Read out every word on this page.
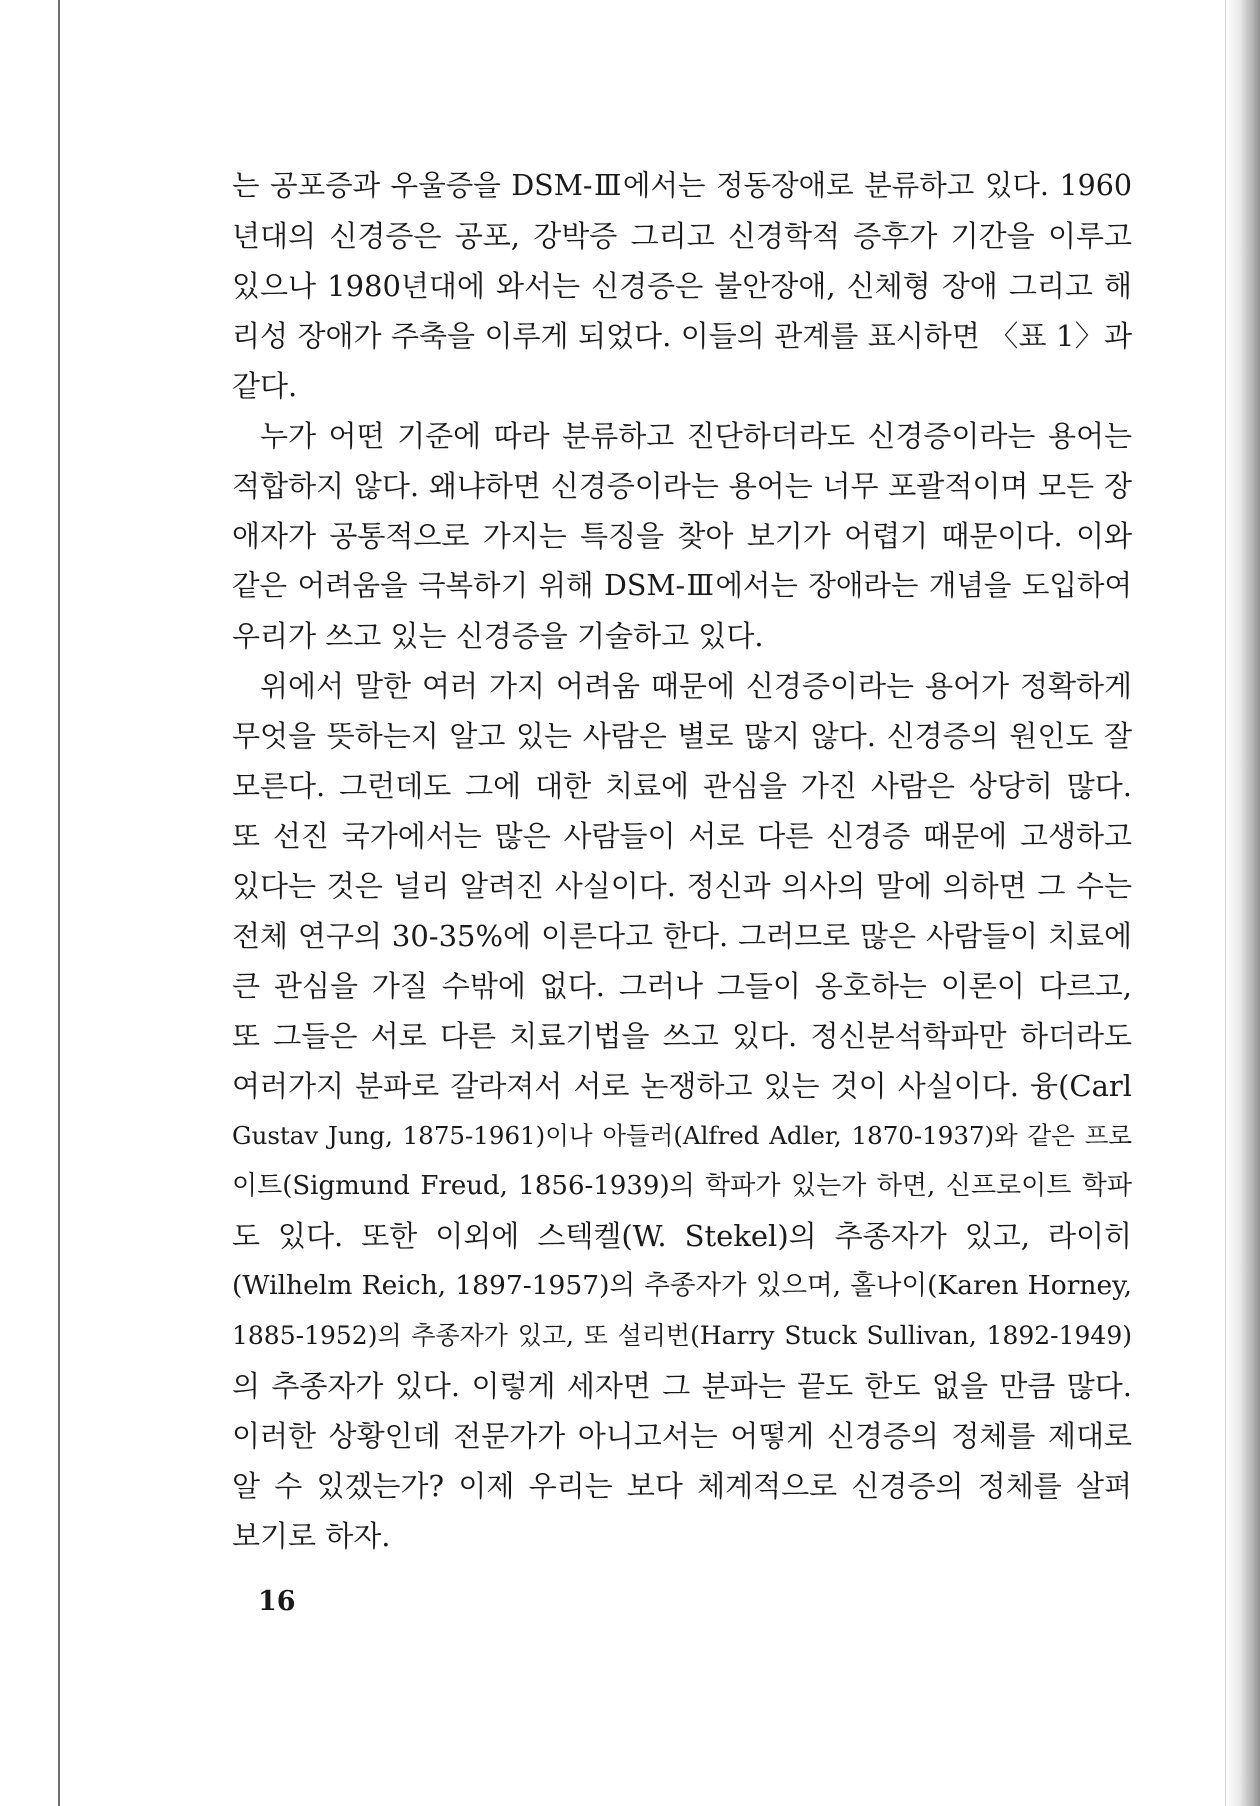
는 공포증과 우울증을 DSM-Ⅲ에서는 정동장애로 분류하고 있다. 1960
년대의 신경증은 공포, 강박증 그리고 신경학적 증후가 기간을 이루고
있으나 1980년대에 와서는 신경증은 불안장애, 신체형 장애 그리고 해
리성 장애가 주축을 이루게 되었다. 이들의 관계를 표시하면 〈표 1〉과
같다.
누가 어떤 기준에 따라 분류하고 진단하더라도 신경증이라는 용어는
적합하지 않다. 왜냐하면 신경증이라는 용어는 너무 포괄적이며 모든 장
애자가 공통적으로 가지는 특징을 찾아 보기가 어렵기 때문이다. 이와
같은 어려움을 극복하기 위해 DSM-Ⅲ에서는 장애라는 개념을 도입하여
우리가 쓰고 있는 신경증을 기술하고 있다.
위에서 말한 여러 가지 어려움 때문에 신경증이라는 용어가 정확하게
무엇을 뜻하는지 알고 있는 사람은 별로 많지 않다. 신경증의 원인도 잘
모른다. 그런데도 그에 대한 치료에 관심을 가진 사람은 상당히 많다.
또 선진 국가에서는 많은 사람들이 서로 다른 신경증 때문에 고생하고
있다는 것은 널리 알려진 사실이다. 정신과 의사의 말에 의하면 그 수는
전체 연구의 30-35%에 이른다고 한다. 그러므로 많은 사람들이 치료에
큰 관심을 가질 수밖에 없다. 그러나 그들이 옹호하는 이론이 다르고,
또 그들은 서로 다른 치료기법을 쓰고 있다. 정신분석학파만 하더라도
여러가지 분파로 갈라져서 서로 논쟁하고 있는 것이 사실이다. 융(Carl
Gustav Jung, 1875-1961)이나 아들러(Alfred Adler, 1870-1937)와 같은 프로
이트(Sigmund Freud, 1856-1939)의 학파가 있는가 하면, 신프로이트 학파
도 있다. 또한 이외에 스텍켈(W. Stekel)의 추종자가 있고, 라이히
(Wilhelm Reich, 1897-1957)의 추종자가 있으며, 홀나이(Karen Horney,
1885-1952)의 추종자가 있고, 또 설리번(Harry Stuck Sullivan, 1892-1949)
의 추종자가 있다. 이렇게 세자면 그 분파는 끝도 한도 없을 만큼 많다.
이러한 상황인데 전문가가 아니고서는 어떻게 신경증의 정체를 제대로
알 수 있겠는가? 이제 우리는 보다 체계적으로 신경증의 정체를 살펴
보기로 하자.
16
